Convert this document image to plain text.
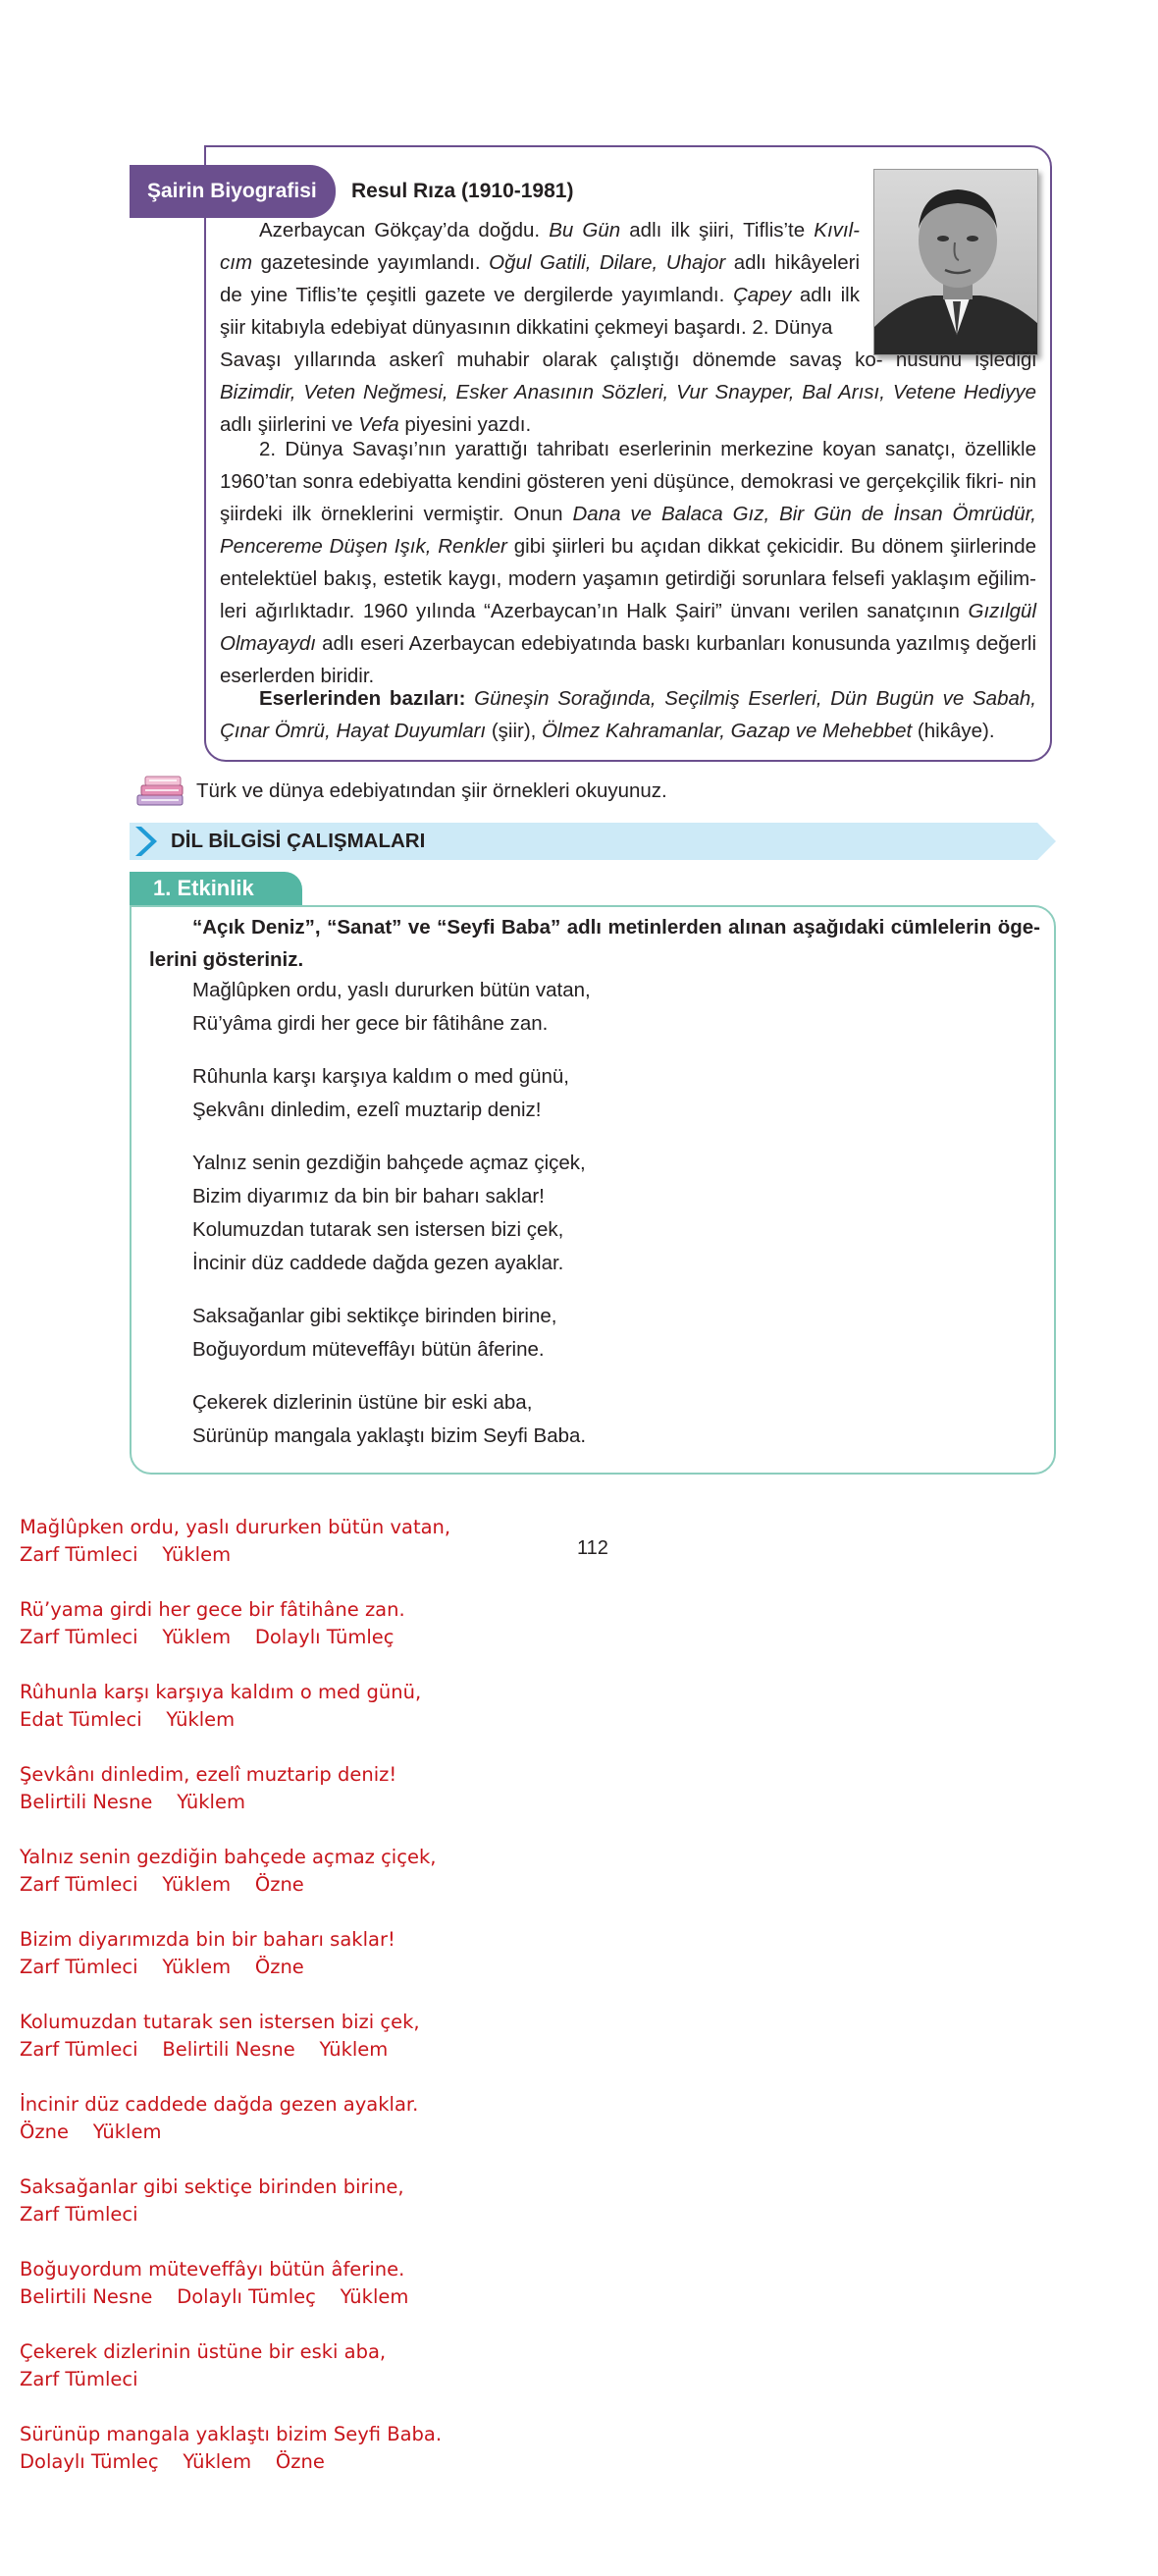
Şairin Biyografisi	Resul Rıza (1910-1981)

Azerbaycan Gökçay’da doğdu. Bu Gün adlı ilk şiiri, Tiflis’te Kıvıl- cım gazetesinde yayımlandı. Oğul Gatili, Dilare, Uhajor adlı hikâyeleri de yine Tiflis’te çeşitli gazete ve dergilerde yayımlandı. Çapey adlı ilk şiir kitabıyla edebiyat dünyasının dikkatini çekmeyi başardı. 2. Dünya

Savaşı yıllarında askerî muhabir olarak çalıştığı dönemde savaş ko- nusunu işlediği Bizimdir, Veten Neğmesi, Esker Anasının Sözleri, Vur Snayper, Bal Arısı, Vetene Hediyye adlı şiirlerini ve Vefa piyesini yazdı.

2. Dünya Savaşı’nın yarattığı tahribatı eserlerinin merkezine koyan sanatçı, özellikle 1960’tan sonra edebiyatta kendini gösteren yeni düşünce, demokrasi ve gerçekçilik fikri- nin şiirdeki ilk örneklerini vermiştir. Onun Dana ve Balaca Gız, Bir Gün de İnsan Ömrüdür, Pencereme Düşen Işık, Renkler gibi şiirleri bu açıdan dikkat çekicidir. Bu dönem şiirlerinde entelektüel bakış, estetik kaygı, modern yaşamın getirdiği sorunlara felsefi yaklaşım eğilim- leri ağırlıktadır. 1960 yılında “Azerbaycan’ın Halk Şairi” ünvanı verilen sanatçının Gızılgül Olmayaydı adlı eseri Azerbaycan edebiyatında baskı kurbanları konusunda yazılmış değerli eserlerden biridir.

Eserlerinden bazıları: Güneşin Sorağında, Seçilmiş Eserleri, Dün Bugün ve Sabah, Çınar Ömrü, Hayat Duyumları (şiir), Ölmez Kahramanlar, Gazap ve Mehebbet (hikâye).

Türk ve dünya edebiyatından şiir örnekleri okuyunuz.
DİL BİLGİSİ ÇALIŞMALARI
1. Etkinlik
“Açık Deniz”, “Sanat” ve “Seyfi Baba” adlı metinlerden alınan aşağıdaki cümlelerin öge- lerini gösteriniz.
Mağlûpken ordu, yaslı dururken bütün vatan,
Rü’yâma girdi her gece bir fâtihâne zan.
Rûhunla karşı karşıya kaldım o med günü,
Şekvânı dinledim, ezelî muztarip deniz!
Yalnız senin gezdiğin bahçede açmaz çiçek,
Bizim diyarımız da bin bir baharı saklar!
Kolumuzdan tutarak sen istersen bizi çek,
İncinir düz caddede dağda gezen ayaklar.
Saksağanlar gibi sektikçe birinden birine,
Boğuyordum müteveffâyı bütün âferine.
Çekerek dizlerinin üstüne bir eski aba,
Sürünüp mangala yaklaştı bizim Seyfi Baba.
112
Mağlûpken ordu, yaslı dururken bütün vatan,
Zarf Tümleci    Yüklem
Rü’yama girdi her gece bir fâtihâne zan.
Zarf Tümleci    Yüklem    Dolaylı Tümleç
Rûhunla karşı karşıya kaldım o med günü,
Edat Tümleci    Yüklem
Şevkânı dinledim, ezelî muztarip deniz!
Belirtili Nesne    Yüklem
Yalnız senin gezdiğin bahçede açmaz çiçek,
Zarf Tümleci    Yüklem    Özne
Bizim diyarımızda bin bir baharı saklar!
Zarf Tümleci    Yüklem    Özne
Kolumuzdan tutarak sen istersen bizi çek,
Zarf Tümleci    Belirtili Nesne    Yüklem
İncinir düz caddede dağda gezen ayaklar.
Özne    Yüklem
Saksağanlar gibi sektiçe birinden birine,
Zarf Tümleci
Boğuyordum müteveffâyı bütün âferine.
Belirtili Nesne    Dolaylı Tümleç    Yüklem
Çekerek dizlerinin üstüne bir eski aba,
Zarf Tümleci
Sürünüp mangala yaklaştı bizim Seyfi Baba.
Dolaylı Tümleç    Yüklem    Özne
